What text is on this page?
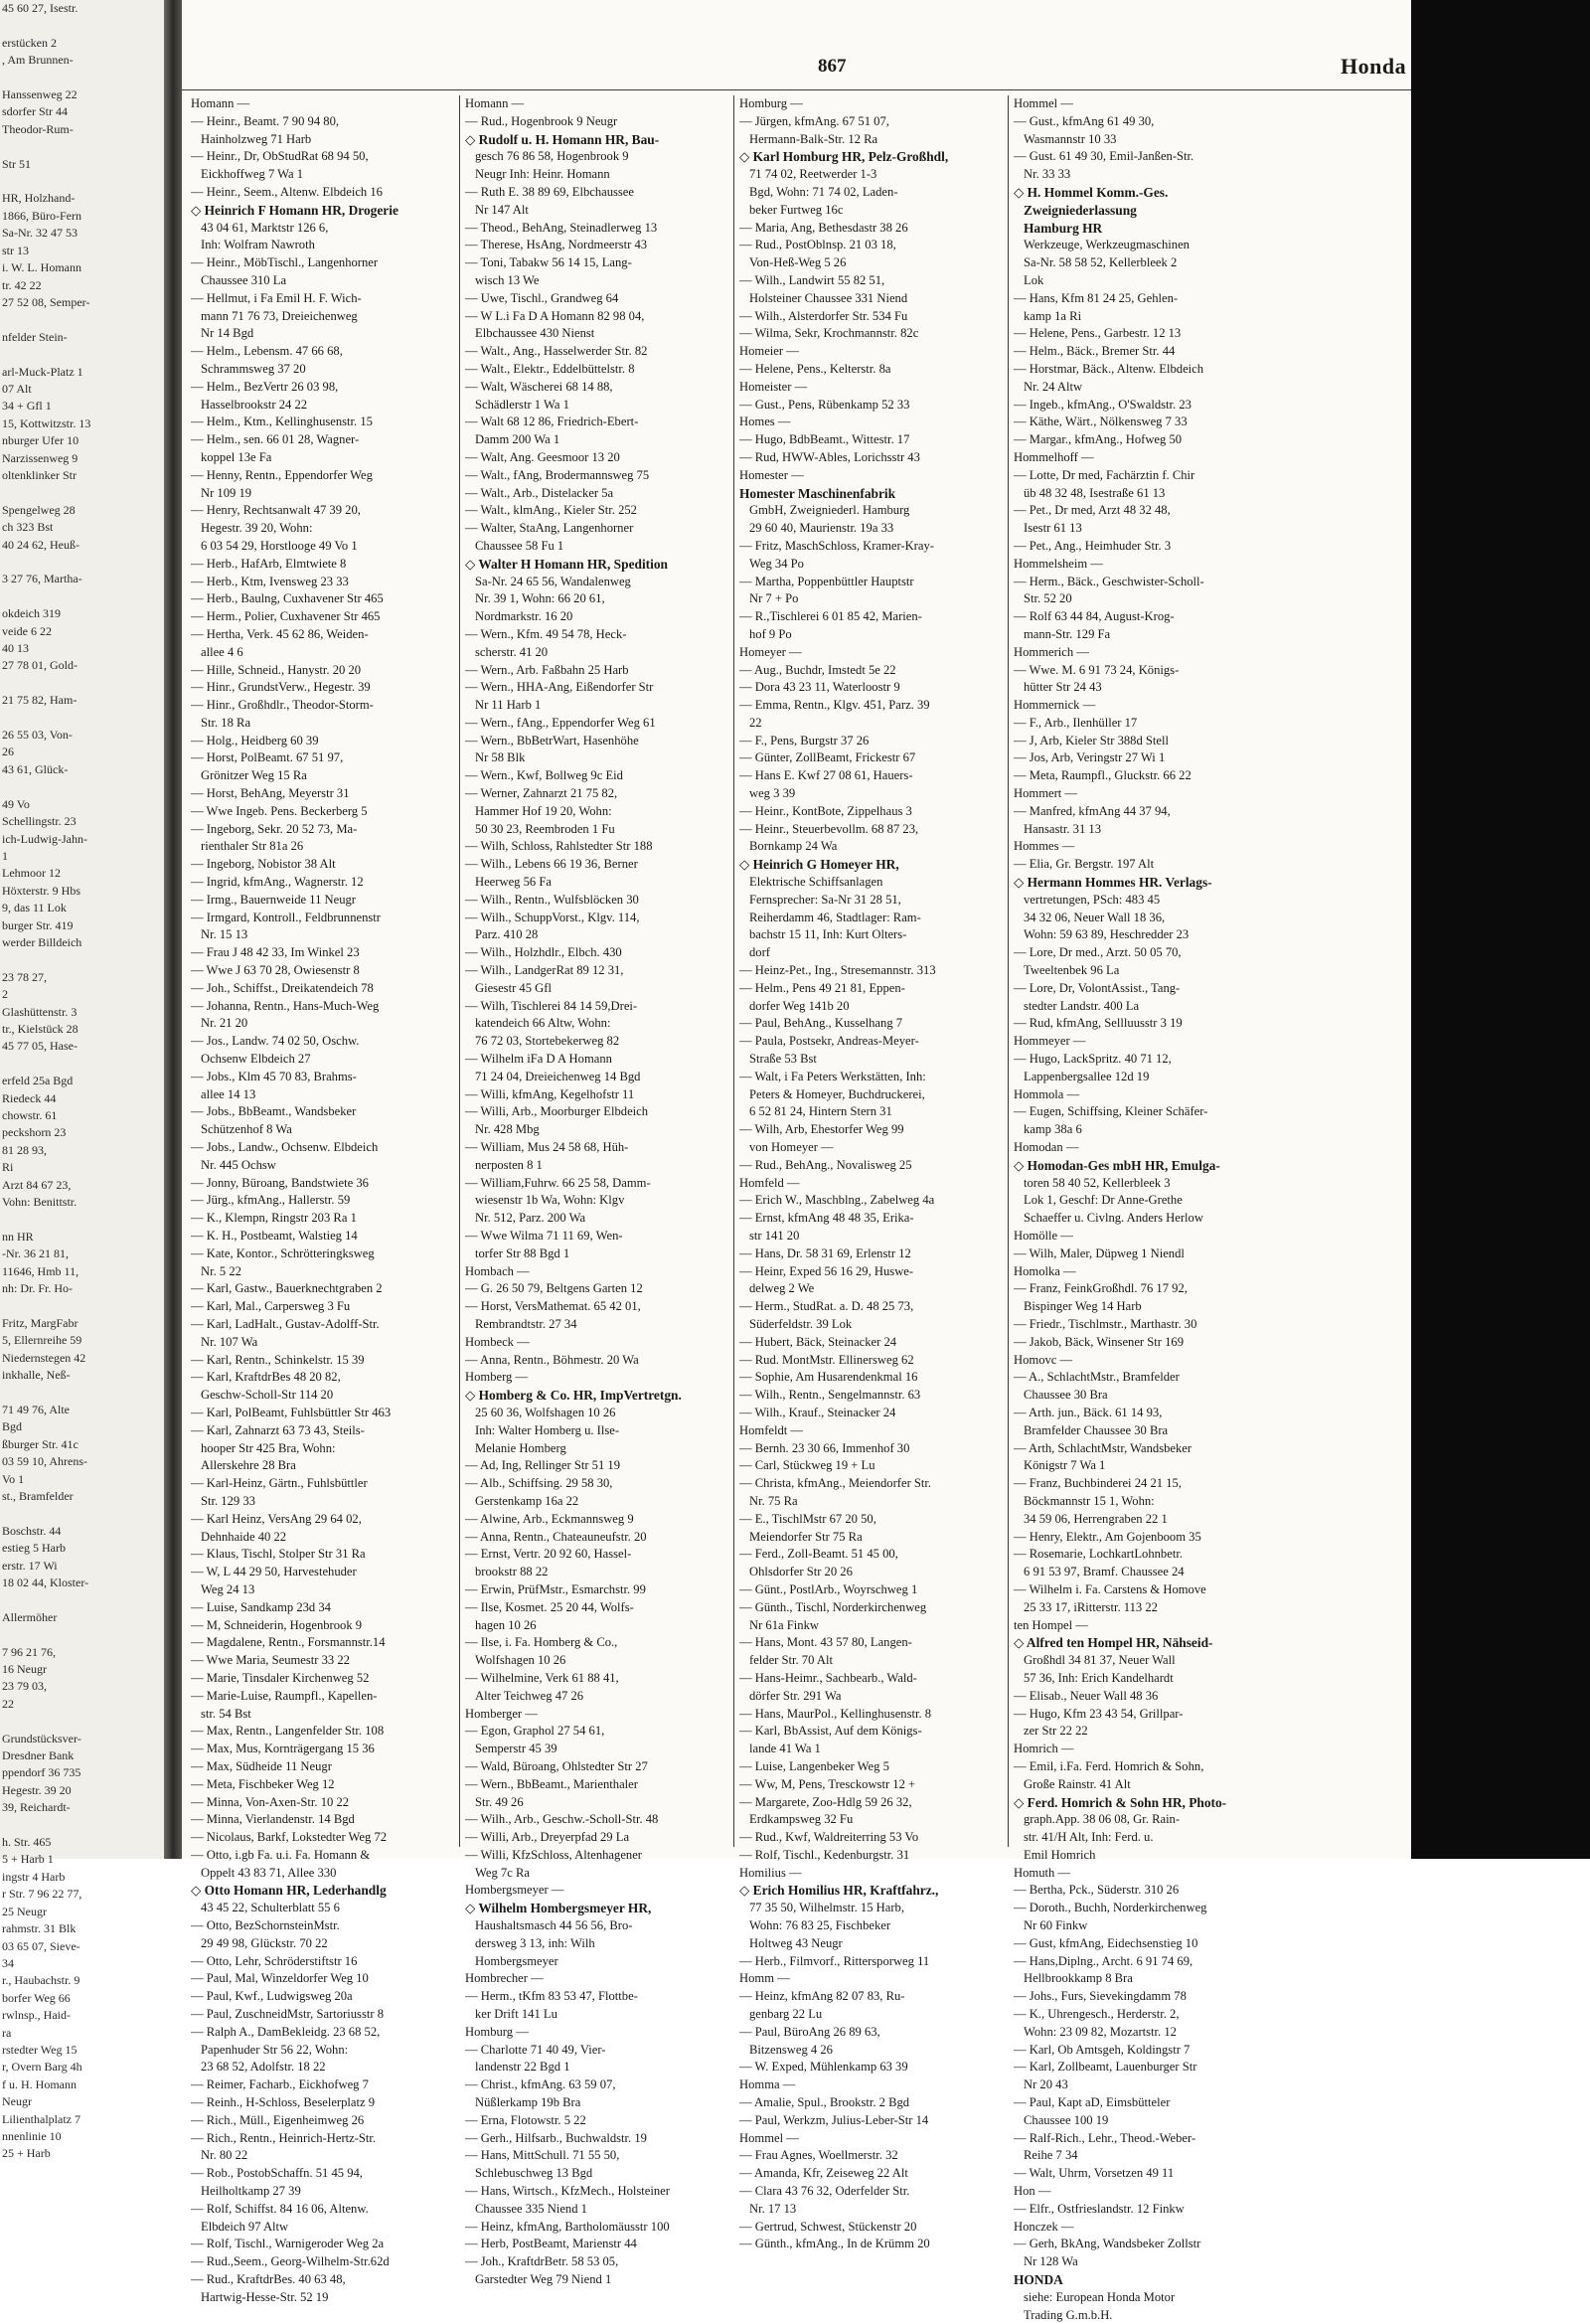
45 60 27, Isestr.

erstücken 2
, Am Brunnen-

Hanssenweg 22
sdorfer Str 44
Theodor-Rum-

Str 51

HR, Holzhand-
1866, Büro-Fern
Sa-Nr. 32 47 53
str 13
i. W. L. Homann
tr. 42 22
27 52 08, Semper-

nfelder Stein-

arl-Muck-Platz 1
07 Alt
34 + Gfl 1
15, Kottwitzstr. 13
nburger Ufer 10
Narzissenweg 9
oltenklinker Str

Spengelweg 28
ch 323 Bst
40 24 62, Heuß-

3 27 76, Martha-

okdeich 319
veide 6 22
40 13
27 78 01, Gold-

21 75 82, Ham-

26 55 03, Von-
26
43 61, Glück-

49 Vo
Schellingstr. 23
ich-Ludwig-Jahn-
1
Lehmoor 12
Höxterstr. 9 Hbs
9, das 11 Lok
burger Str. 419
werder Billdeich

23 78 27,
2
Glashüttenstr. 3
tr., Kielstück 28
45 77 05, Hase-

erfeld 25a Bgd
Riedeck 44
chowstr. 61
peckshorn 23
81 28 93,
Ri
Arzt 84 67 23,
Vohn: Benittstr.

nn HR
-Nr. 36 21 81,
11646, Hmb 11,
nh: Dr. Fr. Ho-

Fritz, MargFabr
5, Ellernreihe 59
Niedernstegen 42
inkhalle, Neß-

71 49 76, Alte
Bgd
ßburger Str. 41c
03 59 10, Ahrens-
Vo 1
st., Bramfelder

Boschstr. 44
estieg 5 Harb
erstr. 17 Wi
18 02 44, Kloster-

Allermöher

7 96 21 76,
16 Neugr
23 79 03,
22

Grundstücksver-
Dresdner Bank
ppendorf 36 735
Hegestr. 39 20
39, Reichardt-

h. Str. 465
5 + Harb 1
ingstr 4 Harb
r Str. 7 96 22 77,
25 Neugr
rahmstr. 31 Blk
03 65 07, Sieve-
34
r., Haubachstr. 9
borfer Weg 66
rwlnsp., Haid-
ra
rstedter Weg 15
r, Overn Barg 4h
f u. H. Homann
Neugr
Lilienthalplatz 7
nnenlinie 10
25 + Harb
867	Honda
Homann —
— Heinr., Beamt. 7 90 94 80,
Hainholzweg 71 Harb
— Heinr., Dr, ObStudRat 68 94 50,
Eickhoffweg 7 Wa 1
— Heinr., Seem., Altenw. Elbdeich 16
◇ Heinrich F Homann HR, Drogerie
43 04 61, Marktstr 126 6,
Inh: Wolfram Nawroth
— Heinr., MöbTischl., Langenhorner
Chaussee 310 La
— Hellmut, i Fa Emil H. F. Wich-
mann 71 76 73, Dreieichenweg
Nr 14 Bgd
— Helm., Lebensm. 47 66 68,
Schrammsweg 37 20
— Helm., BezVertr 26 03 98,
Hasselbrookstr 24 22
— Helm., Ktm., Kellinghusenstr. 15
— Helm., sen. 66 01 28, Wagner-
koppel 13e Fa
— Henny, Rentn., Eppendorfer Weg
Nr 109 19
— Henry, Rechtsanwalt 47 39 20,
Hegestr. 39 20, Wohn:
6 03 54 29, Horstlooge 49 Vo 1
— Herb., HafArb, Elmtwiete 8
— Herb., Ktm, Ivensweg 23 33
— Herb., Baulng, Cuxhavener Str 465
— Herm., Polier, Cuxhavener Str 465
— Hertha, Verk. 45 62 86, Weiden-
allee 4 6
— Hille, Schneid., Hanystr. 20 20
— Hinr., GrundstVerw., Hegestr. 39
— Hinr., Großhdlr., Theodor-Storm-
Str. 18 Ra
— Holg., Heidberg 60 39
— Horst, PolBeamt. 67 51 97,
Grönitzer Weg 15 Ra
— Horst, BehAng, Meyerstr 31
— Wwe Ingeb. Pens. Beckerberg 5
— Ingeborg, Sekr. 20 52 73, Ma-
rienthaler Str 81a 26
— Ingeborg, Nobistor 38 Alt
— Ingrid, kfmAng., Wagnerstr. 12
— Irmg., Bauernweide 11 Neugr
— Irmgard, Kontroll., Feldbrunnenstr
Nr. 15 13
— Frau J 48 42 33, Im Winkel 23
— Wwe J 63 70 28, Owiesenstr 8
— Joh., Schiffst., Dreikatendeich 78
— Johanna, Rentn., Hans-Much-Weg
Nr. 21 20
— Jos., Landw. 74 02 50, Oschw.
Ochsenw Elbdeich 27
— Jobs., Klm 45 70 83, Brahms-
allee 14 13
— Jobs., BbBeamt., Wandsbeker
Schützenhof 8 Wa
— Jobs., Landw., Ochsenw. Elbdeich
Nr. 445 Ochsw
— Jonny, Büroang, Bandstwiete 36
— Jürg., kfmAng., Hallerstr. 59
— K., Klempn, Ringstr 203 Ra 1
— K. H., Postbeamt, Walstieg 14
— Kate, Kontor., Schrötteringksweg
Nr. 5 22
— Karl, Gastw., Bauerknechtgraben 2
— Karl, Mal., Carpersweg 3 Fu
— Karl, LadHalt., Gustav-Adolff-Str.
Nr. 107 Wa
— Karl, Rentn., Schinkelstr. 15 39
— Karl, KraftdrBes 48 20 82,
Geschw-Scholl-Str 114 20
— Karl, PolBeamt, Fuhlsbüttler Str 463
— Karl, Zahnarzt 63 73 43, Steils-
hooper Str 425 Bra, Wohn:
Allerskehre 28 Bra
— Karl-Heinz, Gärtn., Fuhlsbüttler
Str. 129 33
— Karl Heinz, VersAng 29 64 02,
Dehnhaide 40 22
— Klaus, Tischl, Stolper Str 31 Ra
— W, L 44 29 50, Harvestehuder
Weg 24 13
— Luise, Sandkamp 23d 34
— M, Schneiderin, Hogenbrook 9
— Magdalene, Rentn., Forsmannstr.14
— Wwe Maria, Seumestr 33 22
— Marie, Tinsdaler Kirchenweg 52
— Marie-Luise, Raumpfl., Kapellen-
str. 54 Bst
— Max, Rentn., Langenfelder Str. 108
— Max, Mus, Kornträgergang 15 36
— Max, Südheide 11 Neugr
— Meta, Fischbeker Weg 12
— Minna, Von-Axen-Str. 10 22
— Minna, Vierlandenstr. 14 Bgd
— Nicolaus, Barkf, Lokstedter Weg 72
— Otto, i.gb Fa. u.i. Fa. Homann &
Oppelt 43 83 71, Allee 330
◇ Otto Homann HR, Lederhandlg
43 45 22, Schulterblatt 55 6
— Otto, BezSchornsteinMstr.
29 49 98, Glückstr. 70 22
— Otto, Lehr, Schröderstiftstr 16
— Paul, Mal, Winzeldorfer Weg 10
— Paul, Kwf., Ludwigsweg 20a
— Paul, ZuschneidMstr, Sartoriusstr 8
— Ralph A., DamBekleidg. 23 68 52,
Papenhuder Str 56 22, Wohn:
23 68 52, Adolfstr. 18 22
— Reimer, Facharb., Eickhofweg 7
— Reinh., H-Schloss, Beselerplatz 9
— Rich., Müll., Eigenheimweg 26
— Rich., Rentn., Heinrich-Hertz-Str.
Nr. 80 22
— Rob., PostobSchaffn. 51 45 94,
Heilholtkamp 27 39
— Rolf, Schiffst. 84 16 06, Altenw.
Elbdeich 97 Altw
— Rolf, Tischl., Warnigeroder Weg 2a
— Rud.,Seem., Georg-Wilhelm-Str.62d
— Rud., KraftdrBes. 40 63 48,
Hartwig-Hesse-Str. 52 19
Homann —
— Rud., Hogenbrook 9 Neugr
◇ Rudolf u. H. Homann HR, Bau-
gesch 76 86 58, Hogenbrook 9
Neugr Inh: Heinr. Homann
— Ruth E. 38 89 69, Elbchaussee
Nr 147 Alt
— Theod., BehAng, Steinadlerweg 13
— Therese, HsAng, Nordmeerstr 43
— Toni, Tabakw 56 14 15, Lang-
wisch 13 We
— Uwe, Tischl., Grandweg 64
— W L.i Fa D A Homann 82 98 04,
Elbchaussee 430 Nienst
— Walt., Ang., Hasselwerder Str. 82
— Walt., Elektr., Eddelbüttelstr. 8
— Walt, Wäscherei 68 14 88,
Schädlerstr 1 Wa 1
— Walt 68 12 86, Friedrich-Ebert-
Damm 200 Wa 1
— Walt, Ang. Geesmoor 13 20
— Walt., fAng, Brodermannsweg 75
— Walt., Arb., Distelacker 5a
— Walt., klmAng., Kieler Str. 252
— Walter, StaAng, Langenhorner
Chaussee 58 Fu 1
◇ Walter H Homann HR, Spedition
Sa-Nr. 24 65 56, Wandalenweg
Nr. 39 1, Wohn: 66 20 61,
Nordmarkstr. 16 20
— Wern., Kfm. 49 54 78, Heck-
scherstr. 41 20
— Wern., Arb. Faßbahn 25 Harb
— Wern., HHA-Ang, Eißendorfer Str
Nr 11 Harb 1
— Wern., fAng., Eppendorfer Weg 61
— Wern., BbBetrWart, Hasenhöhe
Nr 58 Blk
— Wern., Kwf, Bollweg 9c Eid
— Werner, Zahnarzt 21 75 82,
Hammer Hof 19 20, Wohn:
50 30 23, Reembroden 1 Fu
— Wilh, Schloss, Rahlstedter Str 188
— Wilh., Lebens 66 19 36, Berner
Heerweg 56 Fa
— Wilh., Rentn., Wulfsblöcken 30
— Wilh., SchuppVorst., Klgv. 114,
Parz. 410 28
— Wilh., Holzhdlr., Elbch. 430
— Wilh., LandgerRat 89 12 31,
Giesestr 45 Gfl
— Wilh, Tischlerei 84 14 59,Drei-
katendeich 66 Altw, Wohn:
76 72 03, Stortebekerweg 82
— Wilhelm iFa D A Homann
71 24 04, Dreieichenweg 14 Bgd
— Willi, kfmAng, Kegelhofstr 11
— Willi, Arb., Moorburger Elbdeich
Nr. 428 Mbg
— William, Mus 24 58 68, Hüh-
nerposten 8 1
— William,Fuhrw. 66 25 58, Damm-
wiesenstr 1b Wa, Wohn: Klgv
Nr. 512, Parz. 200 Wa
— Wwe Wilma 71 11 69, Wen-
torfer Str 88 Bgd 1
Hombach —
— G. 26 50 79, Beltgens Garten 12
— Horst, VersMathemat. 65 42 01,
Rembrandtstr. 27 34
Hombeck —
— Anna, Rentn., Böhmestr. 20 Wa
Homberg —
◇ Homberg & Co. HR, ImpVertretgn.
25 60 36, Wolfshagen 10 26
Inh: Walter Homberg u. Ilse-
Melanie Homberg
— Ad, Ing, Rellinger Str 51 19
— Alb., Schiffsing. 29 58 30,
Gerstenkamp 16a 22
— Alwine, Arb., Eckmannsweg 9
— Anna, Rentn., Chateauneufstr. 20
— Ernst, Vertr. 20 92 60, Hassel-
brookstr 88 22
— Erwin, PrüfMstr., Esmarchstr. 99
— Ilse, Kosmet. 25 20 44, Wolfs-
hagen 10 26
— Ilse, i. Fa. Homberg & Co.,
Wolfshagen 10 26
— Wilhelmine, Verk 61 88 41,
Alter Teichweg 47 26
Homberger —
— Egon, Graphol 27 54 61,
Semperstr 45 39
— Wald, Büroang, Ohlstedter Str 27
— Wern., BbBeamt., Marienthaler
Str. 49 26
— Wilh., Arb., Geschw.-Scholl-Str. 48
— Willi, Arb., Dreyerpfad 29 La
— Willi, KfzSchloss, Altenhagener
Weg 7c Ra
Hombergsmeyer —
◇ Wilhelm Hombergsmeyer HR,
Haushaltsmasch 44 56 56, Bro-
dersweg 3 13, inh: Wilh
Hombergsmeyer
Hombrecher —
— Herm., tKfm 83 53 47, Flottbe-
ker Drift 141 Lu
Homburg —
— Charlotte 71 40 49, Vier-
landenstr 22 Bgd 1
— Christ., kfmAng. 63 59 07,
Nüßlerkamp 19b Bra
— Erna, Flotowstr. 5 22
— Gerh., Hilfsarb., Buchwaldstr. 19
— Hans, MittSchull. 71 55 50,
Schlebuschweg 13 Bgd
— Hans, Wirtsch., KfzMech., Holsteiner
Chaussee 335 Niend 1
— Heinz, kfmAng, Bartholomäusstr 100
— Herb, PostBeamt, Marienstr 44
— Joh., KraftdrBetr. 58 53 05,
Garstedter Weg 79 Niend 1
Homburg —
— Jürgen, kfmAng. 67 51 07,
Hermann-Balk-Str. 12 Ra
◇ Karl Homburg HR, Pelz-Großhdl,
71 74 02, Reetwerder 1-3
Bgd, Wohn: 71 74 02, Laden-
beker Furtweg 16c
— Maria, Ang, Bethesdastr 38 26
— Rud., PostOblnsp. 21 03 18,
Von-Heß-Weg 5 26
— Wilh., Landwirt 55 82 51,
Holsteiner Chaussee 331 Niend
— Wilh., Alsterdorfer Str. 534 Fu
— Wilma, Sekr, Krochmannstr. 82c
Homeier —
— Helene, Pens., Kelterstr. 8a
Homeister —
— Gust., Pens, Rübenkamp 52 33
Homes —
— Hugo, BdbBeamt., Wittestr. 17
— Rud, HWW-Ables, Lorichsstr 43
Homester —
Homester Maschinenfabrik
GmbH, Zweigniederl. Hamburg
29 60 40, Maurienstr. 19a 33
— Fritz, MaschSchloss, Kramer-Kray-
Weg 34 Po
— Martha, Poppenbüttler Hauptstr
Nr 7 + Po
— R.,Tischlerei 6 01 85 42, Marien-
hof 9 Po
Homeyer —
— Aug., Buchdr, Imstedt 5e 22
— Dora 43 23 11, Waterloostr 9
— Emma, Rentn., Klgv. 451, Parz. 39
22
— F., Pens, Burgstr 37 26
— Günter, ZollBeamt, Frickestr 67
— Hans E. Kwf 27 08 61, Hauers-
weg 3 39
— Heinr., KontBote, Zippelhaus 3
— Heinr., Steuerbevollm. 68 87 23,
Bornkamp 24 Wa
◇ Heinrich G Homeyer HR,
Elektrische Schiffsanlagen
Fernsprecher: Sa-Nr 31 28 51,
Reiherdamm 46, Stadtlager: Ram-
bachstr 15 11, Inh: Kurt Olters-
dorf
— Heinz-Pet., Ing., Stresemannstr. 313
— Helm., Pens 49 21 81, Eppen-
dorfer Weg 141b 20
— Paul, BehAng., Kusselhang 7
— Paula, Postsekr, Andreas-Meyer-
Straße 53 Bst
— Walt, i Fa Peters Werkstätten, Inh:
Peters & Homeyer, Buchdruckerei,
6 52 81 24, Hintern Stern 31
— Wilh, Arb, Ehestorfer Weg 99
von Homeyer —
— Rud., BehAng., Novalisweg 25
Homfeld —
— Erich W., Maschblng., Zabelweg 4a
— Ernst, kfmAng 48 48 35, Erika-
str 141 20
— Hans, Dr. 58 31 69, Erlenstr 12
— Heinr, Exped 56 16 29, Huswe-
delweg 2 We
— Herm., StudRat. a. D. 48 25 73,
Süderfeldstr. 39 Lok
— Hubert, Bäck, Steinacker 24
— Rud. MontMstr. Ellinersweg 62
— Sophie, Am Husarendenkmal 16
— Wilh., Rentn., Sengelmannstr. 63
— Wilh., Krauf., Steinacker 24
Homfeldt —
— Bernh. 23 30 66, Immenhof 30
— Carl, Stückweg 19 + Lu
— Christa, kfmAng., Meiendorfer Str.
Nr. 75 Ra
— E., TischlMstr 67 20 50,
Meiendorfer Str 75 Ra
— Ferd., Zoll-Beamt. 51 45 00,
Ohlsdorfer Str 20 26
— Günt., PostlArb., Woyrschweg 1
— Günth., Tischl, Norderkirchenweg
Nr 61a Finkw
— Hans, Mont. 43 57 80, Langen-
felder Str. 70 Alt
— Hans-Heimr., Sachbearb., Wald-
dörfer Str. 291 Wa
— Hans, MaurPol., Kellinghusenstr. 8
— Karl, BbAssist, Auf dem Königs-
lande 41 Wa 1
— Luise, Langenbeker Weg 5
— Ww, M, Pens, Tresckowstr 12 +
— Margarete, Zoo-Hdlg 59 26 32,
Erdkampsweg 32 Fu
— Rud., Kwf, Waldreiterring 53 Vo
— Rolf, Tischl., Kedenburgstr. 31
Homilius —
◇ Erich Homilius HR, Kraftfahrz.,
77 35 50, Wilhelmstr. 15 Harb,
Wohn: 76 83 25, Fischbeker
Holtweg 43 Neugr
— Herb., Filmvorf., Rittersporweg 11
Homm —
— Heinz, kfmAng 82 07 83, Ru-
genbarg 22 Lu
— Paul, BüroAng 26 89 63,
Bitzensweg 4 26
— W. Exped, Mühlenkamp 63 39
Homma —
— Amalie, Spul., Brookstr. 2 Bgd
— Paul, Werkzm, Julius-Leber-Str 14
Hommel —
— Frau Agnes, Woellmerstr. 32
— Amanda, Kfr, Zeiseweg 22 Alt
— Clara 43 76 32, Oderfelder Str.
Nr. 17 13
— Gertrud, Schwest, Stückenstr 20
— Günth., kfmAng., In de Krümm 20
Hommel —
— Gust., kfmAng 61 49 30,
Wasmannstr 10 33
— Gust. 61 49 30, Emil-Janßen-Str.
Nr. 33 33
◇ H. Hommel Komm.-Ges.
Zweigniederlassung
Hamburg HR
Werkzeuge, Werkzeugmaschinen
Sa-Nr. 58 58 52, Kellerbleek 2
Lok
— Hans, Kfm 81 24 25, Gehlen-
kamp 1a Ri
— Helene, Pens., Garbestr. 12 13
— Helm., Bäck., Bremer Str. 44
— Horstmar, Bäck., Altenw. Elbdeich
Nr. 24 Altw
— Ingeb., kfmAng., O'Swaldstr. 23
— Käthe, Wärt., Nölkensweg 7 33
— Margar., kfmAng., Hofweg 50
Hommelhoff —
— Lotte, Dr med, Fachärztin f. Chir
üb 48 32 48, Isestraße 61 13
— Pet., Dr med, Arzt 48 32 48,
Isestr 61 13
— Pet., Ang., Heimhuder Str. 3
Hommelsheim —
— Herm., Bäck., Geschwister-Scholl-
Str. 52 20
— Rolf 63 44 84, August-Krog-
mann-Str. 129 Fa
Hommerich —
— Wwe. M. 6 91 73 24, Königs-
hütter Str 24 43
Hommernick —
— F., Arb., Ilenhüller 17
— J, Arb, Kieler Str 388d Stell
— Jos, Arb, Veringstr 27 Wi 1
— Meta, Raumpfl., Gluckstr. 66 22
Hommert —
— Manfred, kfmAng 44 37 94,
Hansastr. 31 13
Hommes —
— Elia, Gr. Bergstr. 197 Alt
◇ Hermann Hommes HR. Verlags-
vertretungen, PSch: 483 45
34 32 06, Neuer Wall 18 36,
Wohn: 59 63 89, Heschredder 23
— Lore, Dr med., Arzt. 50 05 70,
Tweeltenbek 96 La
— Lore, Dr, VolontAssist., Tang-
stedter Landstr. 400 La
— Rud, kfmAng, Sellluusstr 3 19
Hommeyer —
— Hugo, LackSpritz. 40 71 12,
Lappenbergsallee 12d 19
Hommola —
— Eugen, Schiffsing, Kleiner Schäfer-
kamp 38a 6
Homodan —
◇ Homodan-Ges mbH HR, Emulga-
toren 58 40 52, Kellerbleek 3
Lok 1, Geschf: Dr Anne-Grethe
Schaeffer u. Civlng. Anders Herlow
Homölle —
— Wilh, Maler, Düpweg 1 Niendl
Homolka —
— Franz, FeinkGroßhdl. 76 17 92,
Bispinger Weg 14 Harb
— Friedr., Tischlmstr., Marthastr. 30
— Jakob, Bäck, Winsener Str 169
Homovc —
— A., SchlachtMstr., Bramfelder
Chaussee 30 Bra
— Arth. jun., Bäck. 61 14 93,
Bramfelder Chaussee 30 Bra
— Arth, SchlachtMstr, Wandsbeker
Königstr 7 Wa 1
— Franz, Buchbinderei 24 21 15,
Böckmannstr 15 1, Wohn:
34 59 06, Herrengraben 22 1
— Henry, Elektr., Am Gojenboom 35
— Rosemarie, LochkartLohnbetr.
6 91 53 97, Bramf. Chaussee 24
— Wilhelm i. Fa. Carstens & Homove
25 33 17, iRitterstr. 113 22
ten Hompel —
◇ Alfred ten Hompel HR, Nähseid-
Großhdl 34 81 37, Neuer Wall
57 36, Inh: Erich Kandelhardt
— Elisab., Neuer Wall 48 36
— Hugo, Kfm 23 43 54, Grillpar-
zer Str 22 22
Homrich —
— Emil, i.Fa. Ferd. Homrich & Sohn,
Große Rainstr. 41 Alt
◇ Ferd. Homrich & Sohn HR, Photo-
graph.App. 38 06 08, Gr. Rain-
str. 41/H Alt, Inh: Ferd. u.
Emil Homrich
Homuth —
— Bertha, Pck., Süderstr. 310 26
— Doroth., Buchh, Norderkirchenweg
Nr 60 Finkw
— Gust, kfmAng, Eidechsenstieg 10
— Hans,Diplng., Archt. 6 91 74 69,
Hellbrookkamp 8 Bra
— Johs., Furs, Sievekingdamm 78
— K., Uhrengesch., Herderstr. 2,
Wohn: 23 09 82, Mozartstr. 12
— Karl, Ob Amtsgeh, Koldingstr 7
— Karl, Zollbeamt, Lauenburger Str
Nr 20 43
— Paul, Kapt aD, Eimsbütteler
Chaussee 100 19
— Ralf-Rich., Lehr., Theod.-Weber-
Reihe 7 34
— Walt, Uhrm, Vorsetzen 49 11
Hon —
— Elfr., Ostfrieslandstr. 12 Finkw
Honczek —
— Gerh, BkAng, Wandsbeker Zollstr
Nr 128 Wa
HONDA
siehe: European Honda Motor
Trading G.m.b.H.
